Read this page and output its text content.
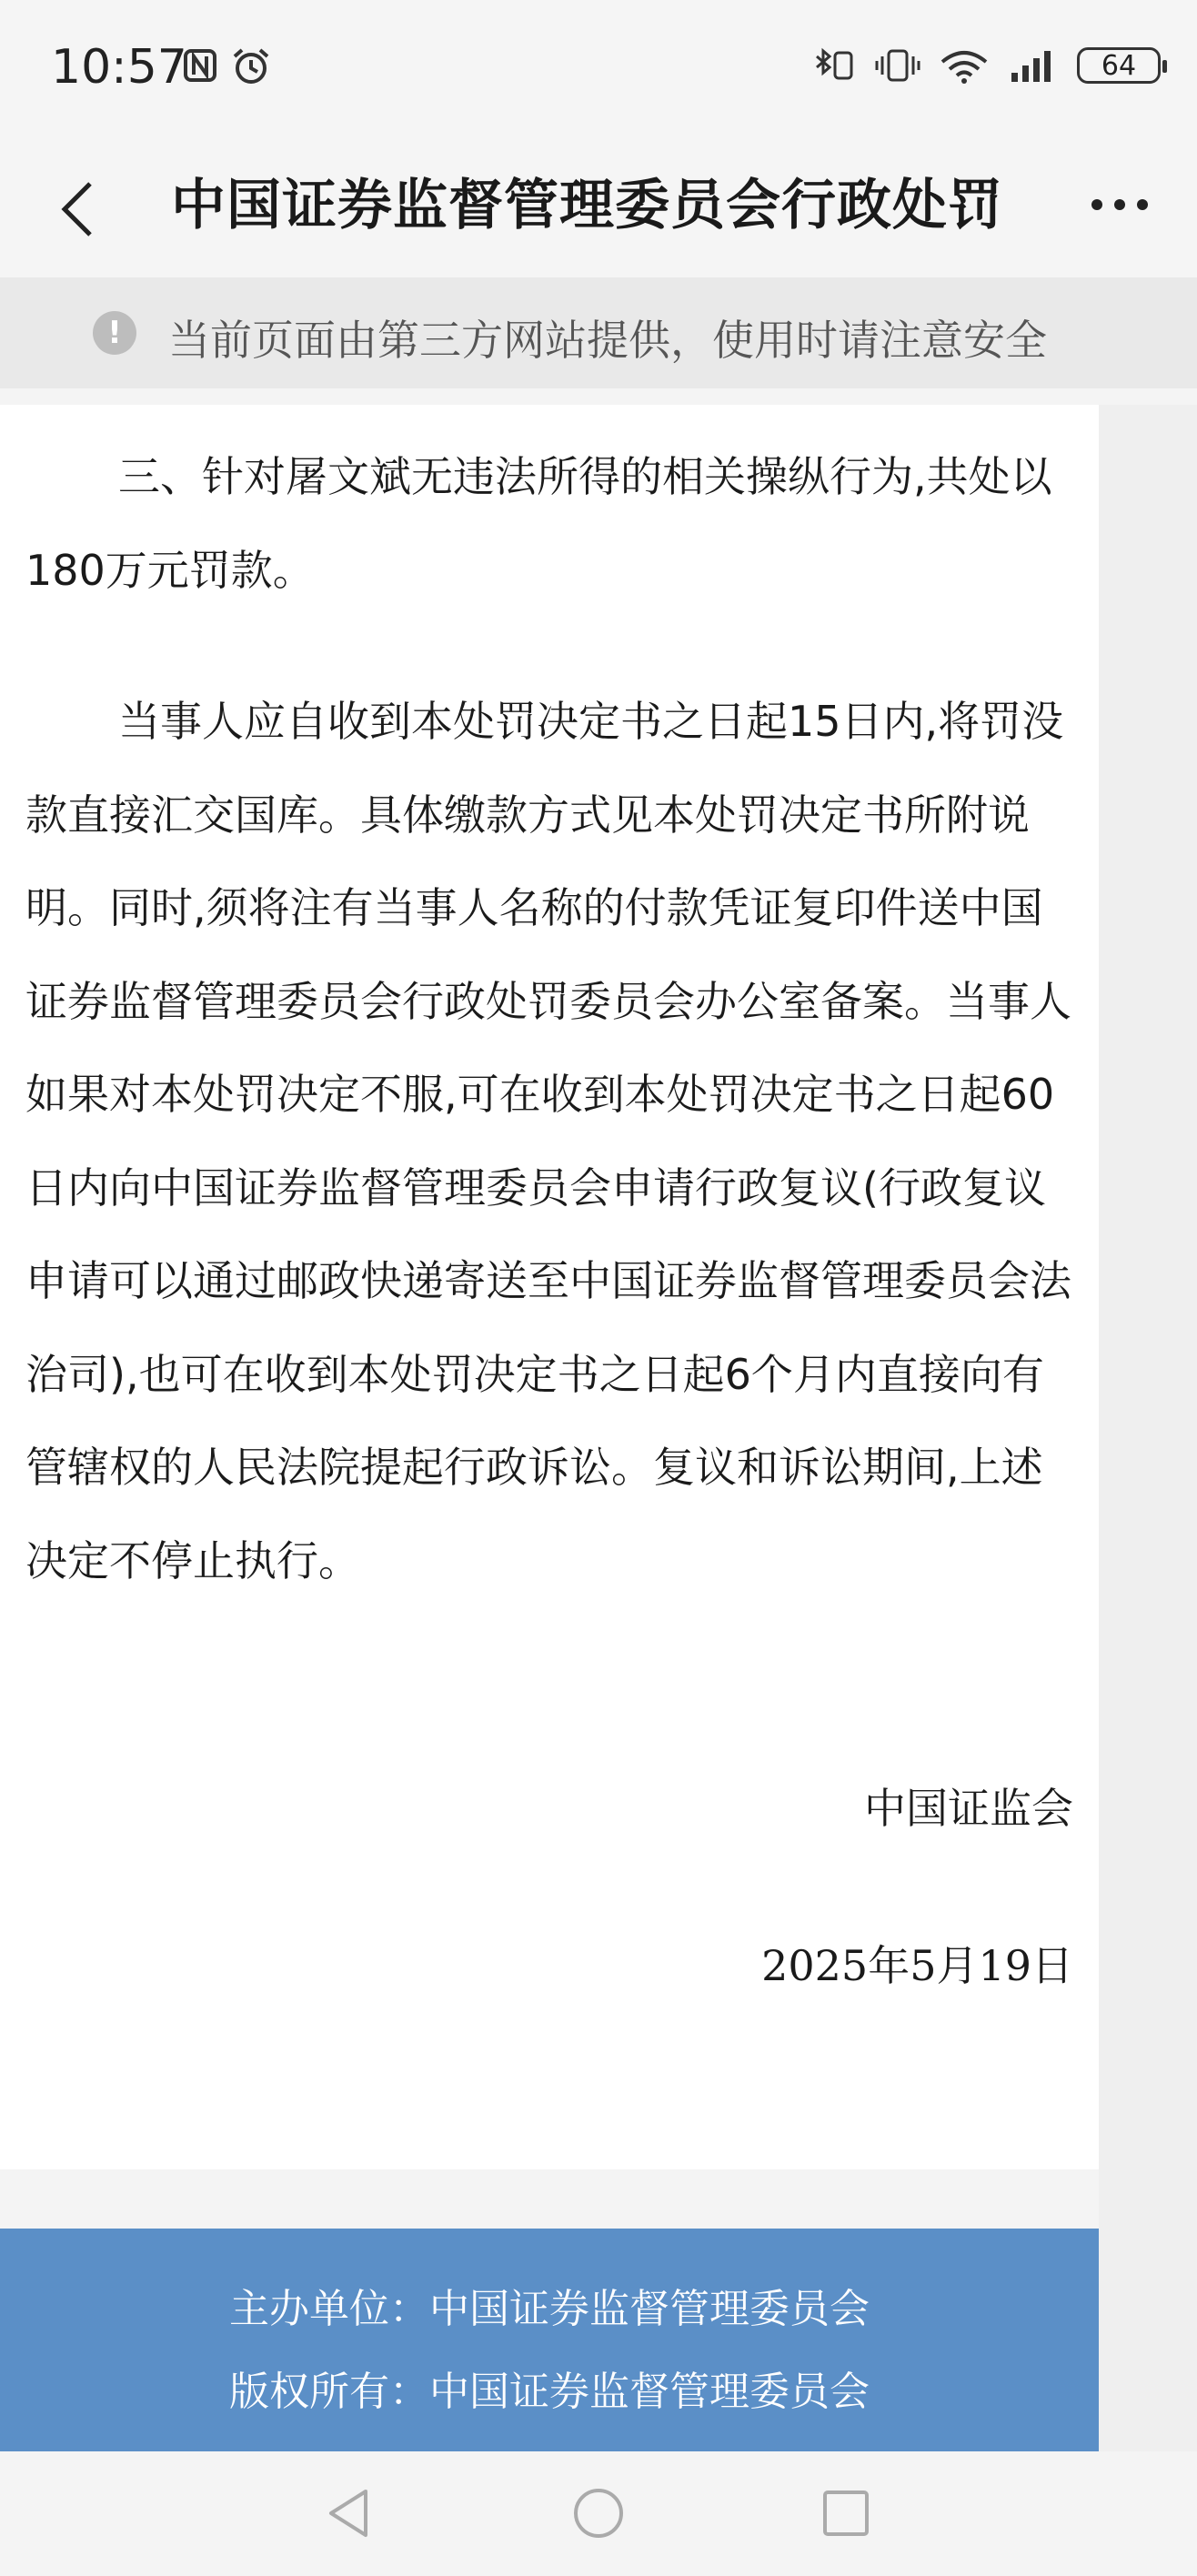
10:57	64
中国证券监督管理委员会行政处罚
!	当前页面由第三方网站提供，使用时请注意安全

三、针对屠文斌无违法所得的相关操纵行为,共处以180万元罚款。

当事人应自收到本处罚决定书之日起15日内,将罚没款直接汇交国库。具体缴款方式见本处罚决定书所附说明。同时,须将注有当事人名称的付款凭证复印件送中国证券监督管理委员会行政处罚委员会办公室备案。当事人如果对本处罚决定不服,可在收到本处罚决定书之日起60日内向中国证券监督管理委员会申请行政复议(行政复议申请可以通过邮政快递寄送至中国证券监督管理委员会法治司),也可在收到本处罚决定书之日起6个月内直接向有管辖权的人民法院提起行政诉讼。复议和诉讼期间,上述决定不停止执行。

中国证监会
2025年5月19日
主办单位：中国证券监督管理委员会
版权所有：中国证券监督管理委员会
